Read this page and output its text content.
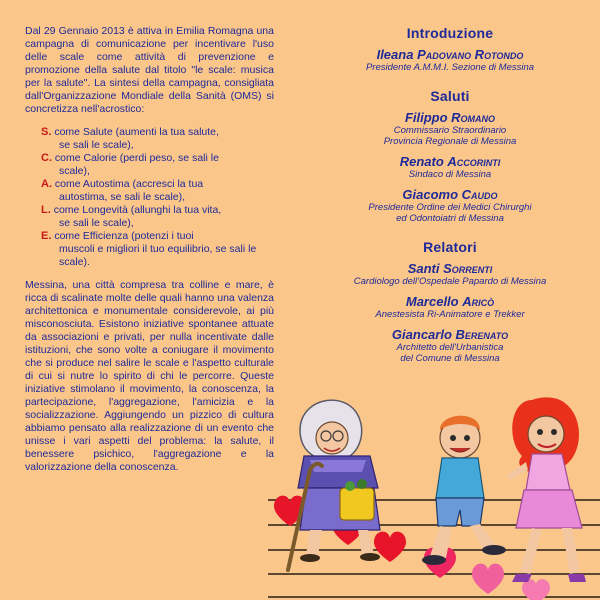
Dal 29 Gennaio 2013 è attiva in Emilia Romagna una campagna di comunicazione per incentivare l'uso delle scale come attività di prevenzione e promozione della salute dal titolo "le scale: musica per la salute". La sintesi della campagna, consigliata dall'Organizzazione Mondiale della Sanità (OMS) si concretizza nell'acrostico:

S. come Salute (aumenti la tua salute,
se sali le scale),
C. come Calorie (perdi peso, se sali le
scale),
A. come Autostima (accresci la tua
autostima, se sali le scale),
L. come Longevità (allunghi la tua vita,
se sali le scale),
E. come Efficienza (potenzi i tuoi
muscoli e migliori il tuo equilibrio, se sali le scale).

Messina, una città compresa tra colline e mare, è ricca di scalinate molte delle quali hanno una valenza architettonica e monumentale considerevole, ai più misconosciuta. Esistono iniziative spontanee attuate da associazioni e privati, per nulla incentivate dalle istituzioni, che sono volte a coniugare il movimento che si produce nel salire le scale e l'aspetto culturale di cui si nutre lo spirito di chi le percorre. Queste iniziative stimolano il movimento, la conoscenza, la partecipazione, l'aggregazione, l'amicizia e la socializzazione. Aggiungendo un pizzico di cultura abbiamo pensato alla realizzazione di un evento che unisse i vari aspetti del problema: la salute, il benessere psichico, l'aggregazione e la valorizzazione della conoscenza.

Introduzione
Ileana Padovano Rotondo
Presidente A.M.M.I. Sezione di Messina
Saluti
Filippo Romano
Commissario Straordinario
Provincia Regionale di Messina
Renato Accorinti
Sindaco di Messina
Giacomo Caudo
Presidente Ordine dei Medici Chirurghi
ed Odontoiatri di Messina
Relatori
Santi Sorrenti
Cardiologo dell'Ospedale Papardo di Messina
Marcello Aricò
Anestesista Ri-Animatore e Trekker
Giancarlo Berenato
Architetto dell'Urbanistica
del Comune di Messina
